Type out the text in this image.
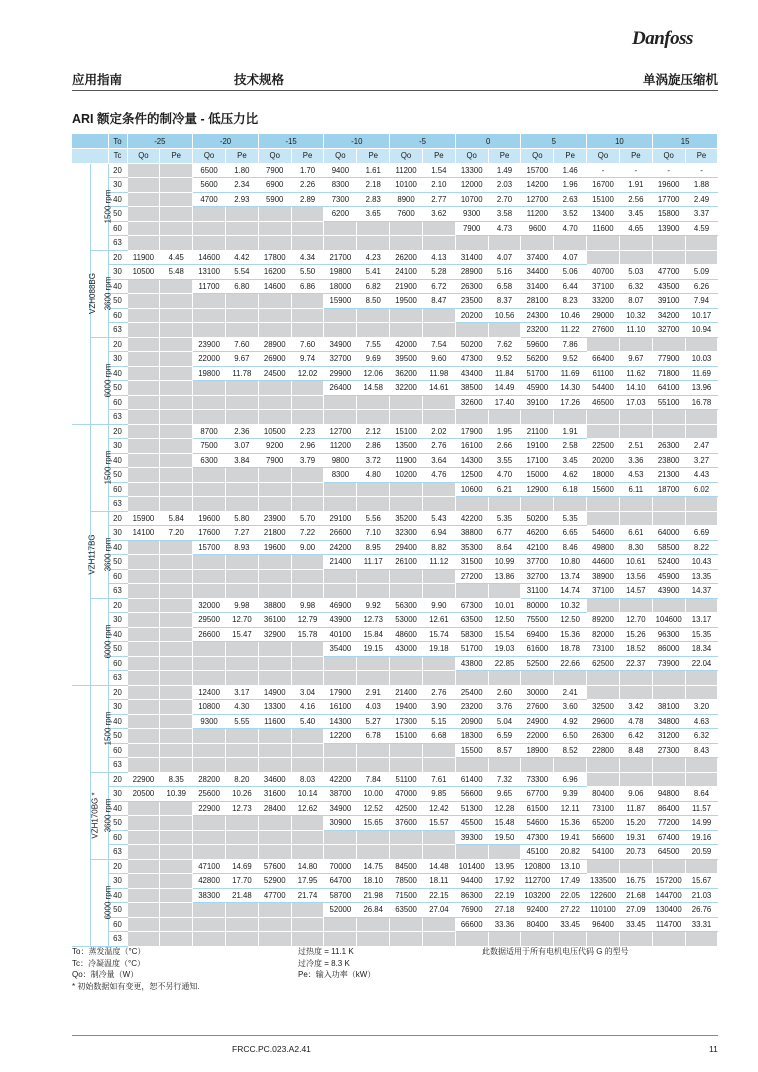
Danfoss
应用指南	技术规格	单涡旋压缩机
ARI 额定条件的制冷量 - 低压力比
		To	-25		-20		-15		-10		-5		0		5		10		15	
		Tc	Qo	Pe	Qo	Pe	Qo	Pe	Qo	Pe	Qo	Pe	Qo	Pe	Qo	Pe	Qo	Pe	Qo	Pe
VZH088BG	1500 rpm	20			6500	1.80	7900	1.70	9400	1.61	11200	1.54	13300	1.49	15700	1.46	-	-	-	-
		30			5600	2.34	6900	2.26	8300	2.18	10100	2.10	12000	2.03	14200	1.96	16700	1.91	19600	1.88
		40			4700	2.93	5900	2.89	7300	2.83	8900	2.77	10700	2.70	12700	2.63	15100	2.56	17700	2.49
		50							6200	3.65	7600	3.62	9300	3.58	11200	3.52	13400	3.45	15800	3.37
		60											7900	4.73	9600	4.70	11600	4.65	13900	4.59
		63																		
	3600 rpm	20	11900	4.45	14600	4.42	17800	4.34	21700	4.23	26200	4.13	31400	4.07	37400	4.07				
		30	10500	5.48	13100	5.54	16200	5.50	19800	5.41	24100	5.28	28900	5.16	34400	5.06	40700	5.03	47700	5.09
		40			11700	6.80	14600	6.86	18000	6.82	21900	6.72	26300	6.58	31400	6.44	37100	6.32	43500	6.26
		50							15900	8.50	19500	8.47	23500	8.37	28100	8.23	33200	8.07	39100	7.94
		60											20200	10.56	24300	10.46	29000	10.32	34200	10.17
		63													23200	11.22	27600	11.10	32700	10.94
	6000 rpm	20			23900	7.60	28900	7.60	34900	7.55	42000	7.54	50200	7.62	59600	7.86				
		30			22000	9.67	26900	9.74	32700	9.69	39500	9.60	47300	9.52	56200	9.52	66400	9.67	77900	10.03
		40			19800	11.78	24500	12.02	29900	12.06	36200	11.98	43400	11.84	51700	11.69	61100	11.62	71800	11.69
		50							26400	14.58	32200	14.61	38500	14.49	45900	14.30	54400	14.10	64100	13.96
		60											32600	17.40	39100	17.26	46500	17.03	55100	16.78
		63																		
VZH117BG	1500 rpm	20			8700	2.36	10500	2.23	12700	2.12	15100	2.02	17900	1.95	21100	1.91				
		30			7500	3.07	9200	2.96	11200	2.86	13500	2.76	16100	2.66	19100	2.58	22500	2.51	26300	2.47
		40			6300	3.84	7900	3.79	9800	3.72	11900	3.64	14300	3.55	17100	3.45	20200	3.36	23800	3.27
		50							8300	4.80	10200	4.76	12500	4.70	15000	4.62	18000	4.53	21300	4.43
		60											10600	6.21	12900	6.18	15600	6.11	18700	6.02
		63																		
	3600 rpm	20	15900	5.84	19600	5.80	23900	5.70	29100	5.56	35200	5.43	42200	5.35	50200	5.35				
		30	14100	7.20	17600	7.27	21800	7.22	26600	7.10	32300	6.94	38800	6.77	46200	6.65	54600	6.61	64000	6.69
		40			15700	8.93	19600	9.00	24200	8.95	29400	8.82	35300	8.64	42100	8.46	49800	8.30	58500	8.22
		50							21400	11.17	26100	11.12	31500	10.99	37700	10.80	44600	10.61	52400	10.43
		60											27200	13.86	32700	13.74	38900	13.56	45900	13.35
		63													31100	14.74	37100	14.57	43900	14.37
	6000 rpm	20			32000	9.98	38800	9.98	46900	9.92	56300	9.90	67300	10.01	80000	10.32				
		30			29500	12.70	36100	12.79	43900	12.73	53000	12.61	63500	12.50	75500	12.50	89200	12.70	104600	13.17
		40			26600	15.47	32900	15.78	40100	15.84	48600	15.74	58300	15.54	69400	15.36	82000	15.26	96300	15.35
		50							35400	19.15	43000	19.18	51700	19.03	61600	18.78	73100	18.52	86000	18.34
		60											43800	22.85	52500	22.66	62500	22.37	73900	22.04
		63																		
VZH170BG *	1500 rpm	20			12400	3.17	14900	3.04	17900	2.91	21400	2.76	25400	2.60	30000	2.41				
		30			10800	4.30	13300	4.16	16100	4.03	19400	3.90	23200	3.76	27600	3.60	32500	3.42	38100	3.20
		40			9300	5.55	11600	5.40	14300	5.27	17300	5.15	20900	5.04	24900	4.92	29600	4.78	34800	4.63
		50							12200	6.78	15100	6.68	18300	6.59	22000	6.50	26300	6.42	31200	6.32
		60											15500	8.57	18900	8.52	22800	8.48	27300	8.43
		63																		
	3600 rpm	20	22900	8.35	28200	8.20	34600	8.03	42200	7.84	51100	7.61	61400	7.32	73300	6.96				
		30	20500	10.39	25600	10.26	31600	10.14	38700	10.00	47000	9.85	56600	9.65	67700	9.39	80400	9.06	94800	8.64
		40			22900	12.73	28400	12.62	34900	12.52	42500	12.42	51300	12.28	61500	12.11	73100	11.87	86400	11.57
		50							30900	15.65	37600	15.57	45500	15.48	54600	15.36	65200	15.20	77200	14.99
		60											39300	19.50	47300	19.41	56600	19.31	67400	19.16
		63													45100	20.82	54100	20.73	64500	20.59
	6000 rpm	20			47100	14.69	57600	14.80	70000	14.75	84500	14.48	101400	13.95	120800	13.10				
		30			42800	17.70	52900	17.95	64700	18.10	78500	18.11	94400	17.92	112700	17.49	133500	16.75	157200	15.67
		40			38300	21.48	47700	21.74	58700	21.98	71500	22.15	86300	22.19	103200	22.05	122600	21.68	144700	21.03
		50							52000	26.84	63500	27.04	76900	27.18	92400	27.22	110100	27.09	130400	26.76
		60											66600	33.36	80400	33.45	96400	33.45	114700	33.31
		63																		
To：蒸发温度（°C）
Tc：冷凝温度（°C）
Qo：制冷量（W）
* 初始数据如有变更，恕不另行通知.
过热度 = 11.1 K
过冷度 = 8.3 K
Pe：输入功率（kW）
此数据适用于所有电机电压代码 G 的型号
FRCC.PC.023.A2.41	11
